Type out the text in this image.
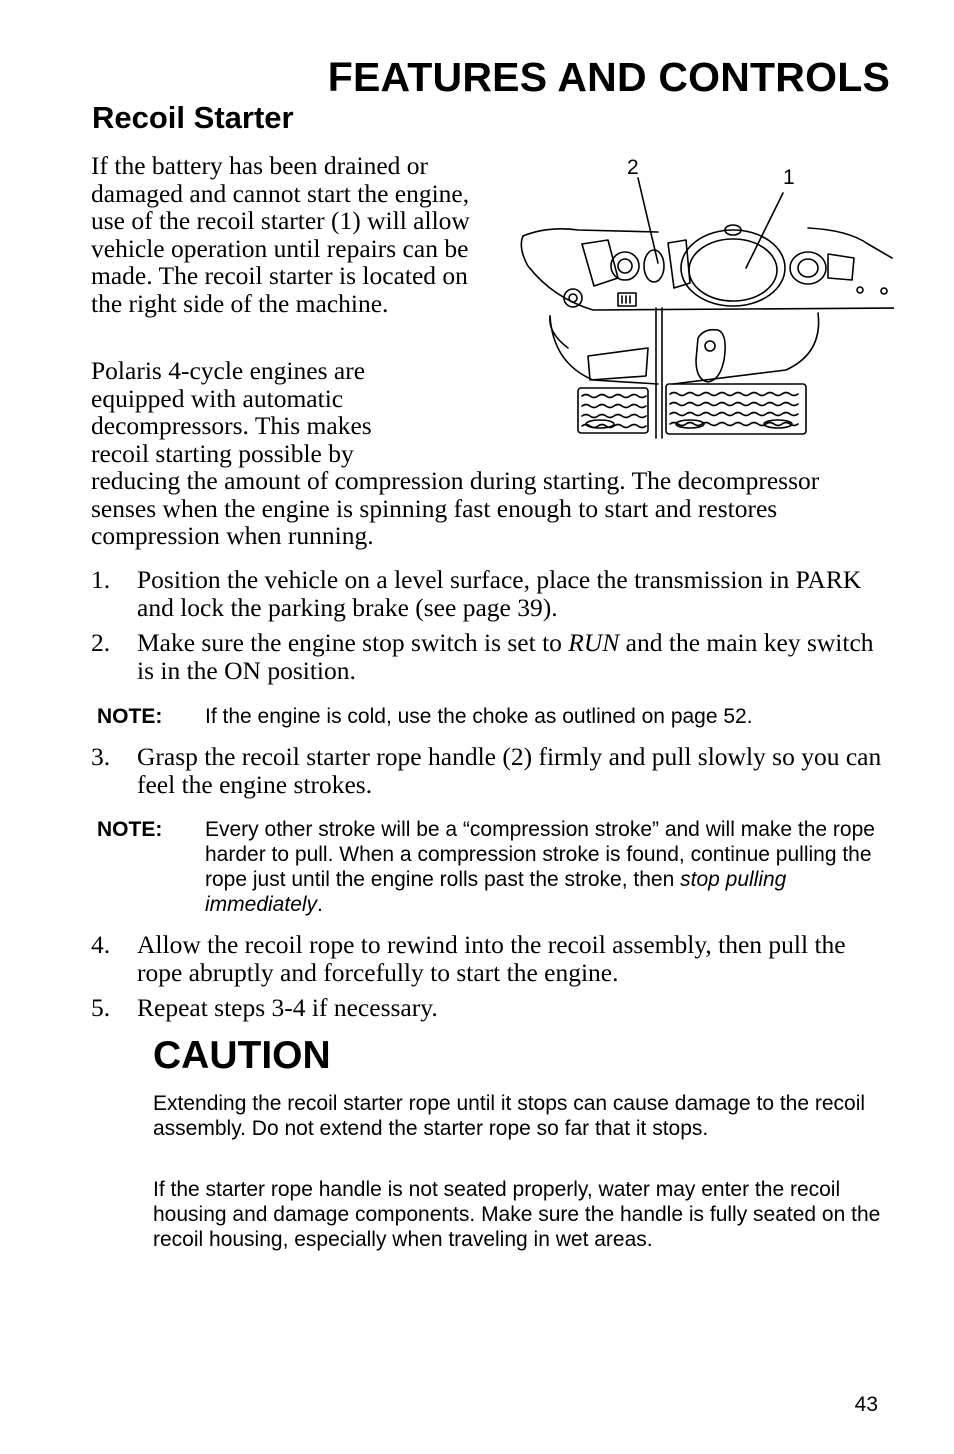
FEATURES AND CONTROLS
Recoil Starter

If the battery has been drained or damaged and cannot start the engine, use of the recoil starter (1) will allow vehicle operation until repairs can be made. The recoil starter is located on the right side of the machine.

Polaris 4-cycle engines are equipped with automatic decompressors. This makes recoil starting possible by
reducing the amount of compression during starting. The decompressor senses when the engine is spinning fast enough to start and restores compression when running.

2	1
1. Position the vehicle on a level surface, place the transmission in PARK and lock the parking brake (see page 39).
2. Make sure the engine stop switch is set to RUN and the main key switch is in the ON position.
NOTE: If the engine is cold, use the choke as outlined on page 52.
3. Grasp the recoil starter rope handle (2) firmly and pull slowly so you can feel the engine strokes.
NOTE: Every other stroke will be a “compression stroke” and will make the rope harder to pull. When a compression stroke is found, continue pulling the rope just until the engine rolls past the stroke, then stop pulling immediately.
4. Allow the recoil rope to rewind into the recoil assembly, then pull the rope abruptly and forcefully to start the engine.
5. Repeat steps 3-4 if necessary.
CAUTION

Extending the recoil starter rope until it stops can cause damage to the recoil assembly. Do not extend the starter rope so far that it stops.

If the starter rope handle is not seated properly, water may enter the recoil housing and damage components. Make sure the handle is fully seated on the recoil housing, especially when traveling in wet areas.

43
